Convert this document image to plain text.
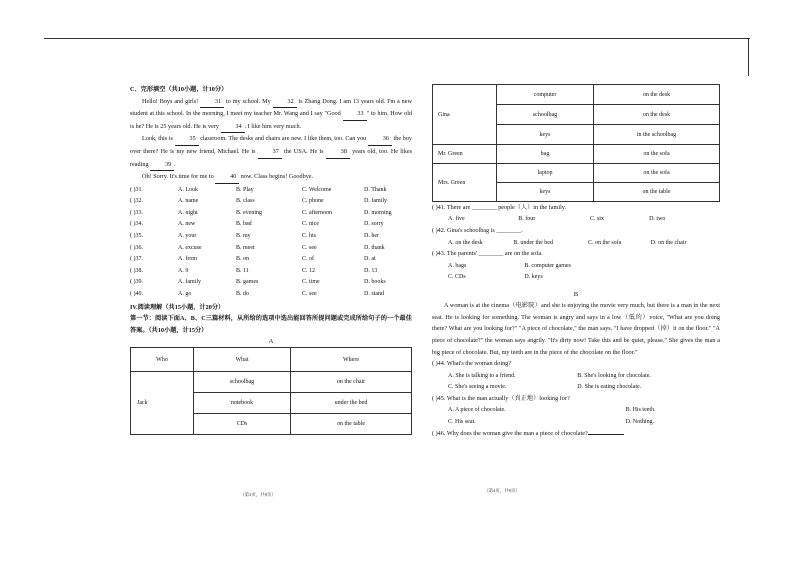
C、完形填空（共10小题，计10分）

Hello! Boys and girls! 31 to my school. My 32 is Zhang Dong. I am 13 years old. I'm a new student at this school. In the morning, I meet my teacher Mr. Wang and I say "Good 33 " to him. How old is he? He is 25 years old. He is very 34 . I like him very much.

Look, this is 35 classroom. The desks and chairs are new. I like them, too. Can you 36 the boy over there? He is my new friend, Michael. He is 37 the USA. He is 38 years old, too. He likes reading 39 .

Oh! Sorry. It's time for me to 40 now. Class begins! Goodbye.

( )31.	A. Look	B. Play	C. Welcome	D. Thank
( )32.	A. name	B. class	C. phone	D. family
( )33.	A. night	B. evening	C. afternoon	D. morning
( )34.	A. new	B. bad	C. nice	D. sorry
( )35.	A. your	B. my	C. his	D. her
( )36.	A. excuse	B. meet	C. see	D. thank
( )37.	A. from	B. on	C. of	D. at
( )38.	A. 9	B. 11	C. 12	D. 13
( )39.	A. family	B. games	C. time	D. books
( )40.	A. go	B. do	C. see	D. stand

IV.阅读理解（共15小题，计20分）

第一节：阅读下面A、B、C三篇材料，从所给的选项中选出能回答所提问题或完成所给句子的一个最佳答案。（共10小题，计15分）

A
Who	What	Where
Jack	schoolbag	on the chair
	notebook	under the bed
	CDs	on the table
（第3页，共8页）
Gina	computer	on the desk
	schoolbag	on the desk
	keys	in the schoolbag
Mr. Green	bag	on the sofa
Mrs. Green	laptop	on the sofa
	keys	on the table

( )41. There are ________ people（人）in the family.

A. five	B. four	C. six	D. two

( )42. Gina's schoolbag is ________.

A. on the desk	B. under the bed	C. on the sofa	D. on the chair

( )43. The parents' ________ are on the sofa.

A. bags	B. computer games
C. CDs	D. keys
B

A woman is at the cinema（电影院）and she is enjoying the movie very much, but there is a man in the next seat. He is looking for something. The woman is angry and says in a low（低的）voice, "What are you doing there? What are you looking for?" "A piece of chocolate," the man says. "I have dropped（掉）it on the floor." "A piece of chocolate?" the woman says angrily. "It's dirty now! Take this and be quiet, please." She gives the man a big piece of chocolate. But, my teeth are in the piece of the chocolate on the floor."

( )44. What's the woman doing?

A. She is talking to a friend.	B. She's looking for chocolate.
C. She's seeing a movie.	D. She is eating chocolate.

( )45. What is the man actually（真正地）looking for?

A. A piece of chocolate.	B. His teeth.
C. His seat.	D. Nothing.

( )46. Why does the woman give the man a piece of chocolate?

（第4页，共8页）
